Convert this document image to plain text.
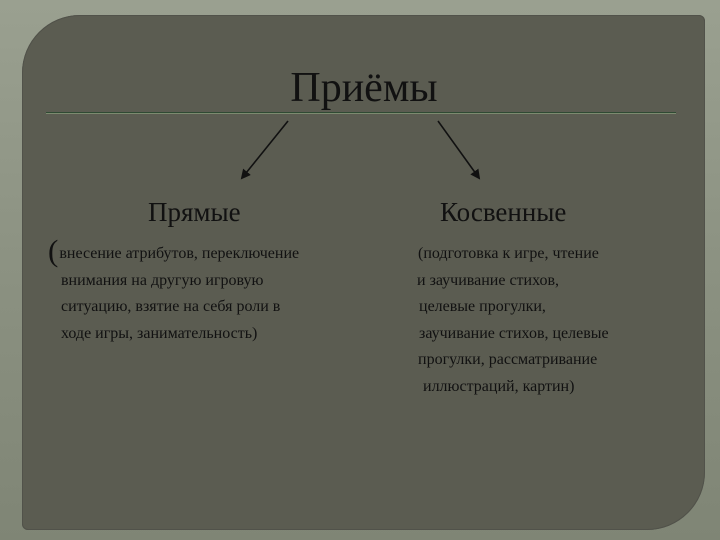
Приёмы
Прямые	Косвенные
(внесение атрибутов, переключение
внимания на другую игровую
ситуацию, взятие на себя роли в
ходе игры, занимательность)
(подготовка к игре, чтение
и заучивание стихов,
целевые прогулки,
заучивание стихов, целевые
прогулки, рассматривание
иллюстраций, картин)
